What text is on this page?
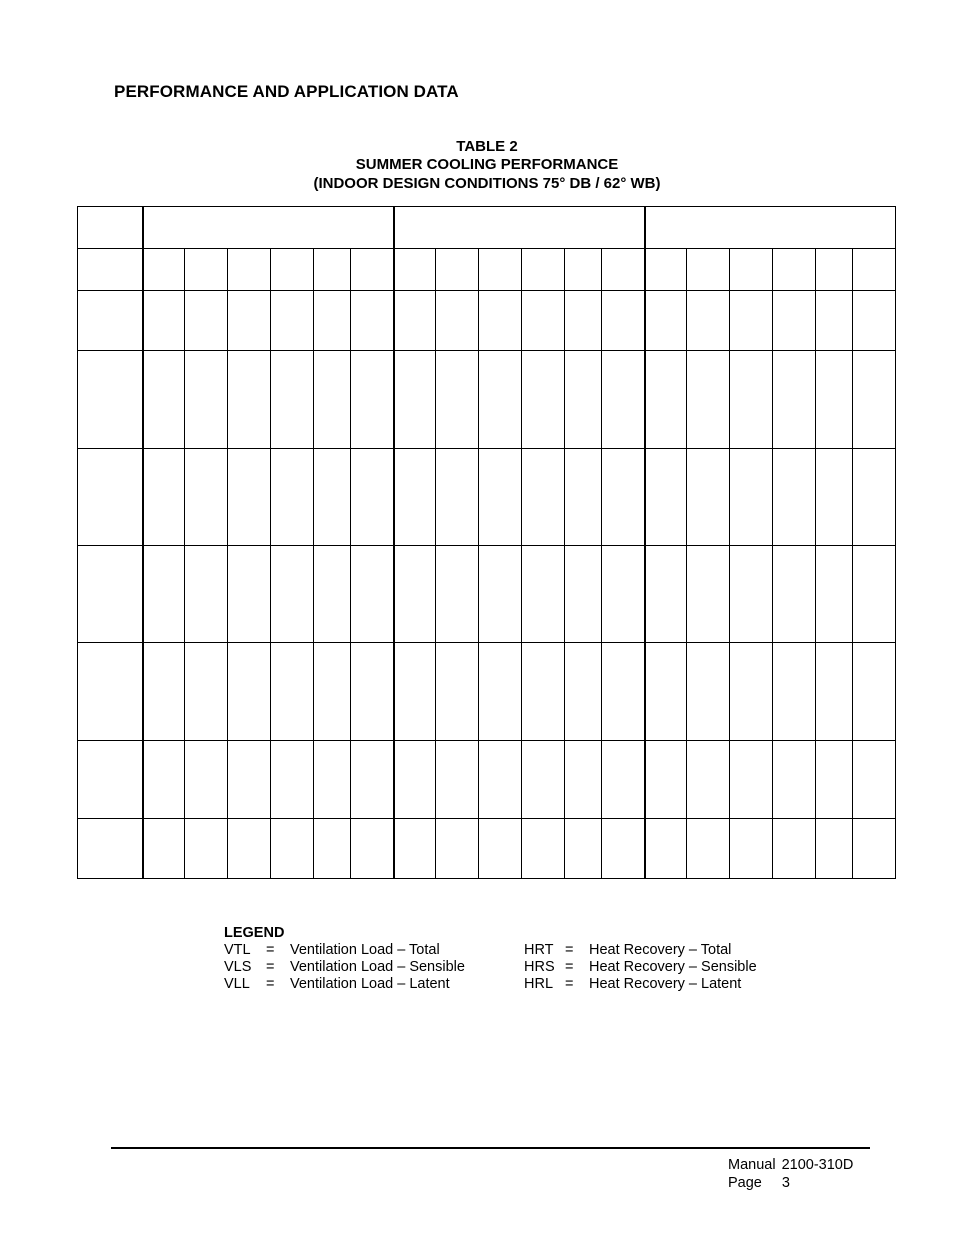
PERFORMANCE AND APPLICATION DATA
TABLE 2
SUMMER COOLING PERFORMANCE
(INDOOR DESIGN CONDITIONS 75° DB / 62° WB)

LEGEND
VTL = Ventilation Load – Total	HRT = Heat Recovery – Total
VLS = Ventilation Load – Sensible	HRS = Heat Recovery – Sensible
VLL = Ventilation Load – Latent	HRL = Heat Recovery – Latent
Manual 2100-310D
Page 3
